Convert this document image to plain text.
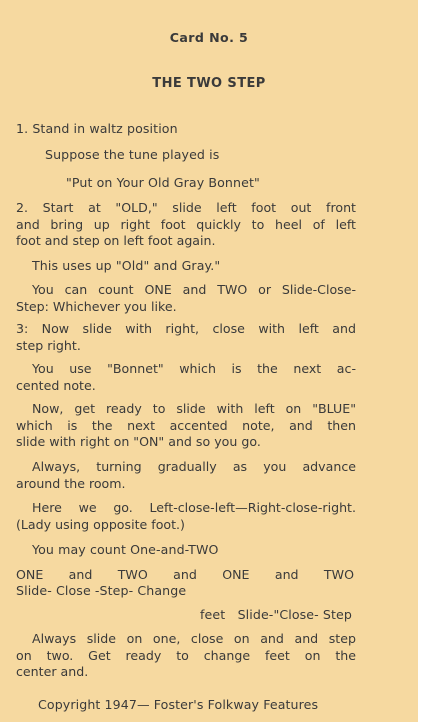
Card No. 5
THE TWO STEP
1. Stand in waltz position
Suppose the tune played is
"Put on Your Old Gray Bonnet"
2. Start at "OLD," slide left foot out front
and bring up right foot quickly to heel of left
foot and step on left foot again.
This uses up "Old" and Gray."
You can count ONE and TWO or Slide-Close-
Step: Whichever you like.
3: Now slide with right, close with left and
step right.
You use "Bonnet" which is the next ac-
cented note.
Now, get ready to slide with left on "BLUE"
which is the next accented note, and then
slide with right on "ON" and so you go.
Always, turning gradually as you advance
around the room.
Here we go. Left-close-left—Right-close-right.
(Lady using opposite foot.)
You may count One-and-TWO
ONE and TWO and ONE and TWO
Slide- Close -Step- Change
feet   Slide-"Close- Step
Always slide on one, close on and and step
on two. Get ready to change feet on the
center and.
Copyright 1947— Foster's Folkway Features
